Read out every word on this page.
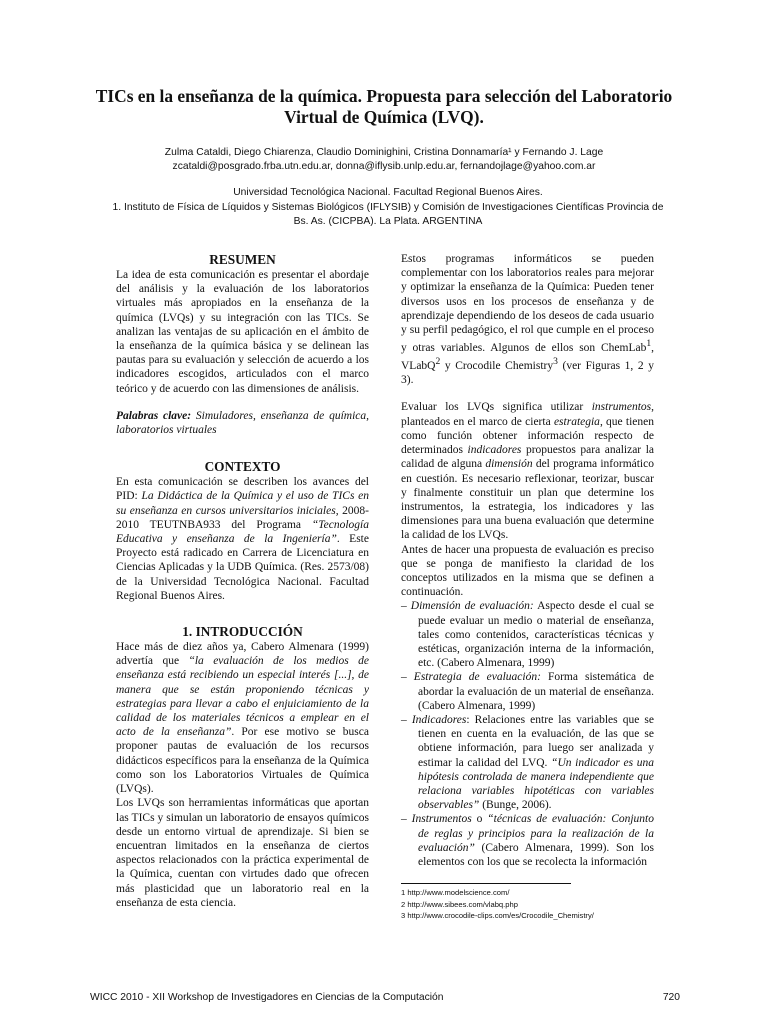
TICs en la enseñanza de la química. Propuesta para selección del Laboratorio Virtual de Química (LVQ).
Zulma Cataldi, Diego Chiarenza, Claudio Dominighini, Cristina Donnamaría¹ y Fernando J. Lage
zcataldi@posgrado.frba.utn.edu.ar, donna@iflysib.unlp.edu.ar, fernandojlage@yahoo.com.ar
Universidad Tecnológica Nacional. Facultad Regional Buenos Aires.
1. Instituto de Física de Líquidos y Sistemas Biológicos (IFLYSIB) y Comisión de Investigaciones Científicas Provincia de Bs. As. (CICPBA). La Plata. ARGENTINA
RESUMEN

La idea de esta comunicación es presentar el abordaje del análisis y la evaluación de los laboratorios virtuales más apropiados en la enseñanza de la química (LVQs) y su integración con las TICs. Se analizan las ventajas de su aplicación en el ámbito de la enseñanza de la química básica y se delinean las pautas para su evaluación y selección de acuerdo a los indicadores escogidos, articulados con el marco teórico y de acuerdo con las dimensiones de análisis.

Palabras clave: Simuladores, enseñanza de química, laboratorios virtuales

CONTEXTO

En esta comunicación se describen los avances del PID: La Didáctica de la Química y el uso de TICs en su enseñanza en cursos universitarios iniciales, 2008-2010 TEUTNBA933 del Programa “Tecnología Educativa y enseñanza de la Ingeniería”. Este Proyecto está radicado en Carrera de Licenciatura en Ciencias Aplicadas y la UDB Química. (Res. 2573/08) de la Universidad Tecnológica Nacional. Facultad Regional Buenos Aires.

1. INTRODUCCIÓN

Hace más de diez años ya, Cabero Almenara (1999) advertía que “la evaluación de los medios de enseñanza está recibiendo un especial interés [...], de manera que se están proponiendo técnicas y estrategias para llevar a cabo el enjuiciamiento de la calidad de los materiales técnicos a emplear en el acto de la enseñanza”. Por ese motivo se busca proponer pautas de evaluación de los recursos didácticos específicos para la enseñanza de la Química como son los Laboratorios Virtuales de Química (LVQs).

Los LVQs son herramientas informáticas que aportan las TICs y simulan un laboratorio de ensayos químicos desde un entorno virtual de aprendizaje. Si bien se encuentran limitados en la enseñanza de ciertos aspectos relacionados con la práctica experimental de la Química, cuentan con virtudes dado que ofrecen más plasticidad que un laboratorio real en la enseñanza de esta ciencia.

Estos programas informáticos se pueden complementar con los laboratorios reales para mejorar y optimizar la enseñanza de la Química: Pueden tener diversos usos en los procesos de enseñanza y de aprendizaje dependiendo de los deseos de cada usuario y su perfil pedagógico, el rol que cumple en el proceso y otras variables. Algunos de ellos son ChemLab$^1$, VLabQ$^2$ y Crocodile Chemistry$^3$ (ver Figuras 1, 2 y 3).

Evaluar los LVQs significa utilizar instrumentos, planteados en el marco de cierta estrategia, que tienen como función obtener información respecto de determinados indicadores propuestos para analizar la calidad de alguna dimensión del programa informático en cuestión. Es necesario reflexionar, teorizar, buscar y finalmente constituir un plan que determine los instrumentos, la estrategia, los indicadores y las dimensiones para una buena evaluación que determine la calidad de los LVQs.

Antes de hacer una propuesta de evaluación es preciso que se ponga de manifiesto la claridad de los conceptos utilizados en la misma que se definen a continuación.

– Dimensión de evaluación: Aspecto desde el cual se puede evaluar un medio o material de enseñanza, tales como contenidos, características técnicas y estéticas, organización interna de la información, etc. (Cabero Almenara, 1999)
– Estrategia de evaluación: Forma sistemática de abordar la evaluación de un material de enseñanza. (Cabero Almenara, 1999)
– Indicadores: Relaciones entre las variables que se tienen en cuenta en la evaluación, de las que se obtiene información, para luego ser analizada y estimar la calidad del LVQ. “Un indicador es una hipótesis controlada de manera independiente que relaciona variables hipotéticas con variables observables” (Bunge, 2006).
– Instrumentos o “técnicas de evaluación: Conjunto de reglas y principios para la realización de la evaluación” (Cabero Almenara, 1999). Son los elementos con los que se recolecta la información
1 http://www.modelscience.com/
2 http://www.sibees.com/vlabq.php
3 http://www.crocodile-clips.com/es/Crocodile_Chemistry/
WICC 2010 - XII Workshop de Investigadores en Ciencias de la Computación	720
